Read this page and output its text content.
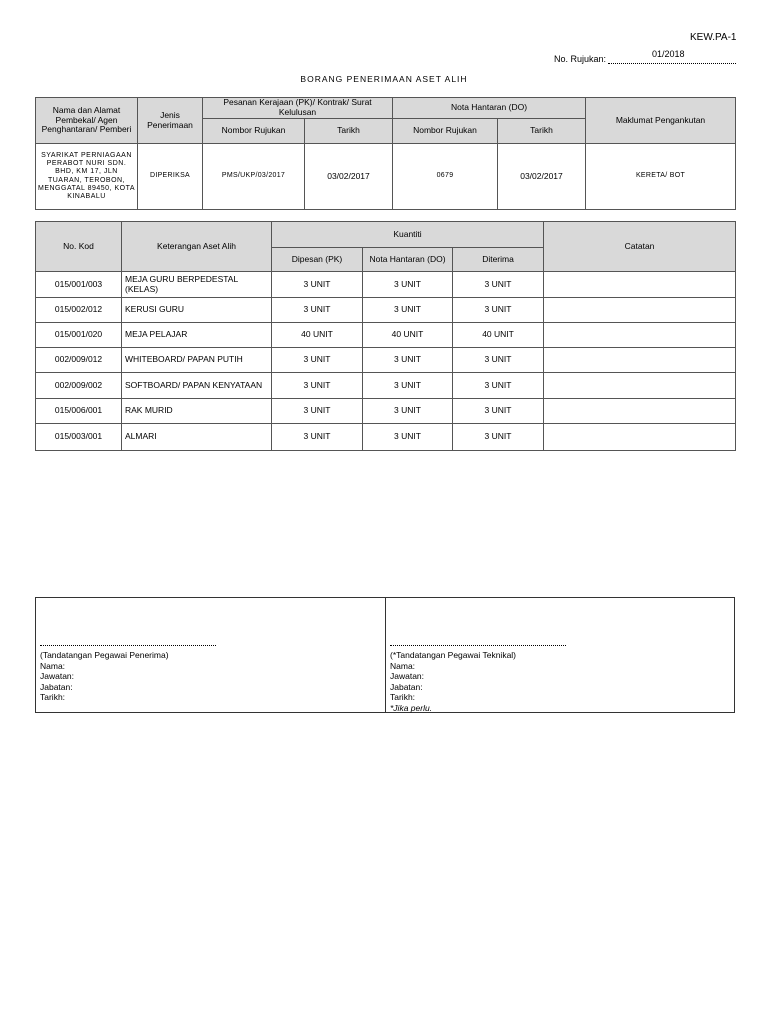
KEW.PA-1
No. Rujukan:	01/2018
BORANG PENERIMAAN ASET ALIH
Nama dan Alamat Pembekal/ Agen Penghantaran/ Pemberi	Jenis Penerimaan	Pesanan Kerajaan (PK)/ Kontrak/ Surat Kelulusan		Nota Hantaran (DO)		Maklumat Pengankutan
		Nombor Rujukan	Tarikh	Nombor Rujukan	Tarikh	
SYARIKAT PERNIAGAAN PERABOT NURI SDN. BHD, KM 17, JLN TUARAN, TEROBON, MENGGATAL 89450, KOTA KINABALU	DIPERIKSA	PMS/UKP/03/2017	03/02/2017	0679	03/02/2017	KERETA/ BOT
No. Kod	Keterangan Aset Alih	Kuantiti			Catatan
		Dipesan (PK)	Nota Hantaran (DO)	Diterima	
015/001/003	MEJA GURU BERPEDESTAL (KELAS)	3 UNIT	3 UNIT	3 UNIT	
015/002/012	KERUSI GURU	3 UNIT	3 UNIT	3 UNIT	
015/001/020	MEJA PELAJAR	40 UNIT	40 UNIT	40 UNIT	
002/009/012	WHITEBOARD/ PAPAN PUTIH	3 UNIT	3 UNIT	3 UNIT	
002/009/002	SOFTBOARD/ PAPAN KENYATAAN	3 UNIT	3 UNIT	3 UNIT	
015/006/001	RAK MURID	3 UNIT	3 UNIT	3 UNIT	
015/003/001	ALMARI	3 UNIT	3 UNIT	3 UNIT	
(Tandatangan Pegawai Penerima)
Nama:
Jawatan:
Jabatan:
Tarikh:
(*Tandatangan Pegawai Teknikal)
Nama:
Jawatan:
Jabatan:
Tarikh:
*Jika perlu.
